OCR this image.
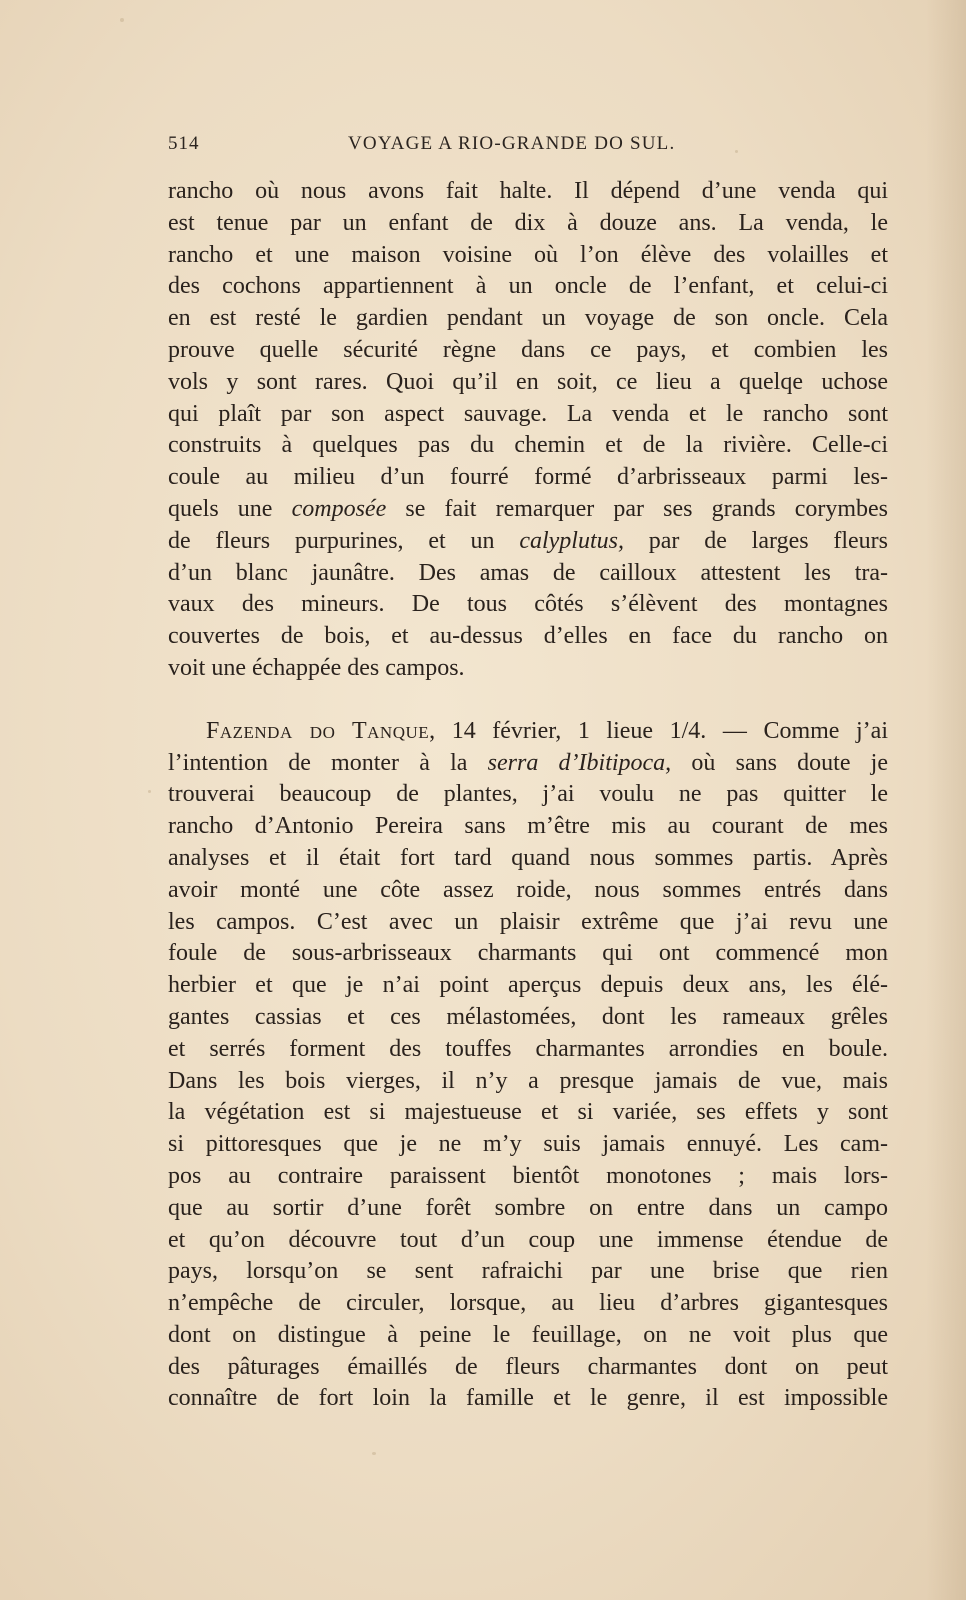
514	VOYAGE A RIO-GRANDE DO SUL.
rancho où nous avons fait halte. Il dépend d’une venda qui
est tenue par un enfant de dix à douze ans. La venda, le
rancho et une maison voisine où l’on élève des volailles et
des cochons appartiennent à un oncle de l’enfant, et celui-ci
en est resté le gardien pendant un voyage de son oncle. Cela
prouve quelle sécurité règne dans ce pays, et combien les
vols y sont rares. Quoi qu’il en soit, ce lieu a quelqe uchose
qui plaît par son aspect sauvage. La venda et le rancho sont
construits à quelques pas du chemin et de la rivière. Celle-ci
coule au milieu d’un fourré formé d’arbrisseaux parmi les-
quels une composée se fait remarquer par ses grands corymbes
de fleurs purpurines, et un calyplutus, par de larges fleurs
d’un blanc jaunâtre. Des amas de cailloux attestent les tra-
vaux des mineurs. De tous côtés s’élèvent des montagnes
couvertes de bois, et au-dessus d’elles en face du rancho on
voit une échappée des campos.
Fazenda do Tanque, 14 février, 1 lieue 1/4. — Comme j’ai
l’intention de monter à la serra d’Ibitipoca, où sans doute je
trouverai beaucoup de plantes, j’ai voulu ne pas quitter le
rancho d’Antonio Pereira sans m’être mis au courant de mes
analyses et il était fort tard quand nous sommes partis. Après
avoir monté une côte assez roide, nous sommes entrés dans
les campos. C’est avec un plaisir extrême que j’ai revu une
foule de sous-arbrisseaux charmants qui ont commencé mon
herbier et que je n’ai point aperçus depuis deux ans, les élé-
gantes cassias et ces mélastomées, dont les rameaux grêles
et serrés forment des touffes charmantes arrondies en boule.
Dans les bois vierges, il n’y a presque jamais de vue, mais
la végétation est si majestueuse et si variée, ses effets y sont
si pittoresques que je ne m’y suis jamais ennuyé. Les cam-
pos au contraire paraissent bientôt monotones ; mais lors-
que au sortir d’une forêt sombre on entre dans un campo
et qu’on découvre tout d’un coup une immense étendue de
pays, lorsqu’on se sent rafraichi par une brise que rien
n’empêche de circuler, lorsque, au lieu d’arbres gigantesques
dont on distingue à peine le feuillage, on ne voit plus que
des pâturages émaillés de fleurs charmantes dont on peut
connaître de fort loin la famille et le genre, il est impossible
